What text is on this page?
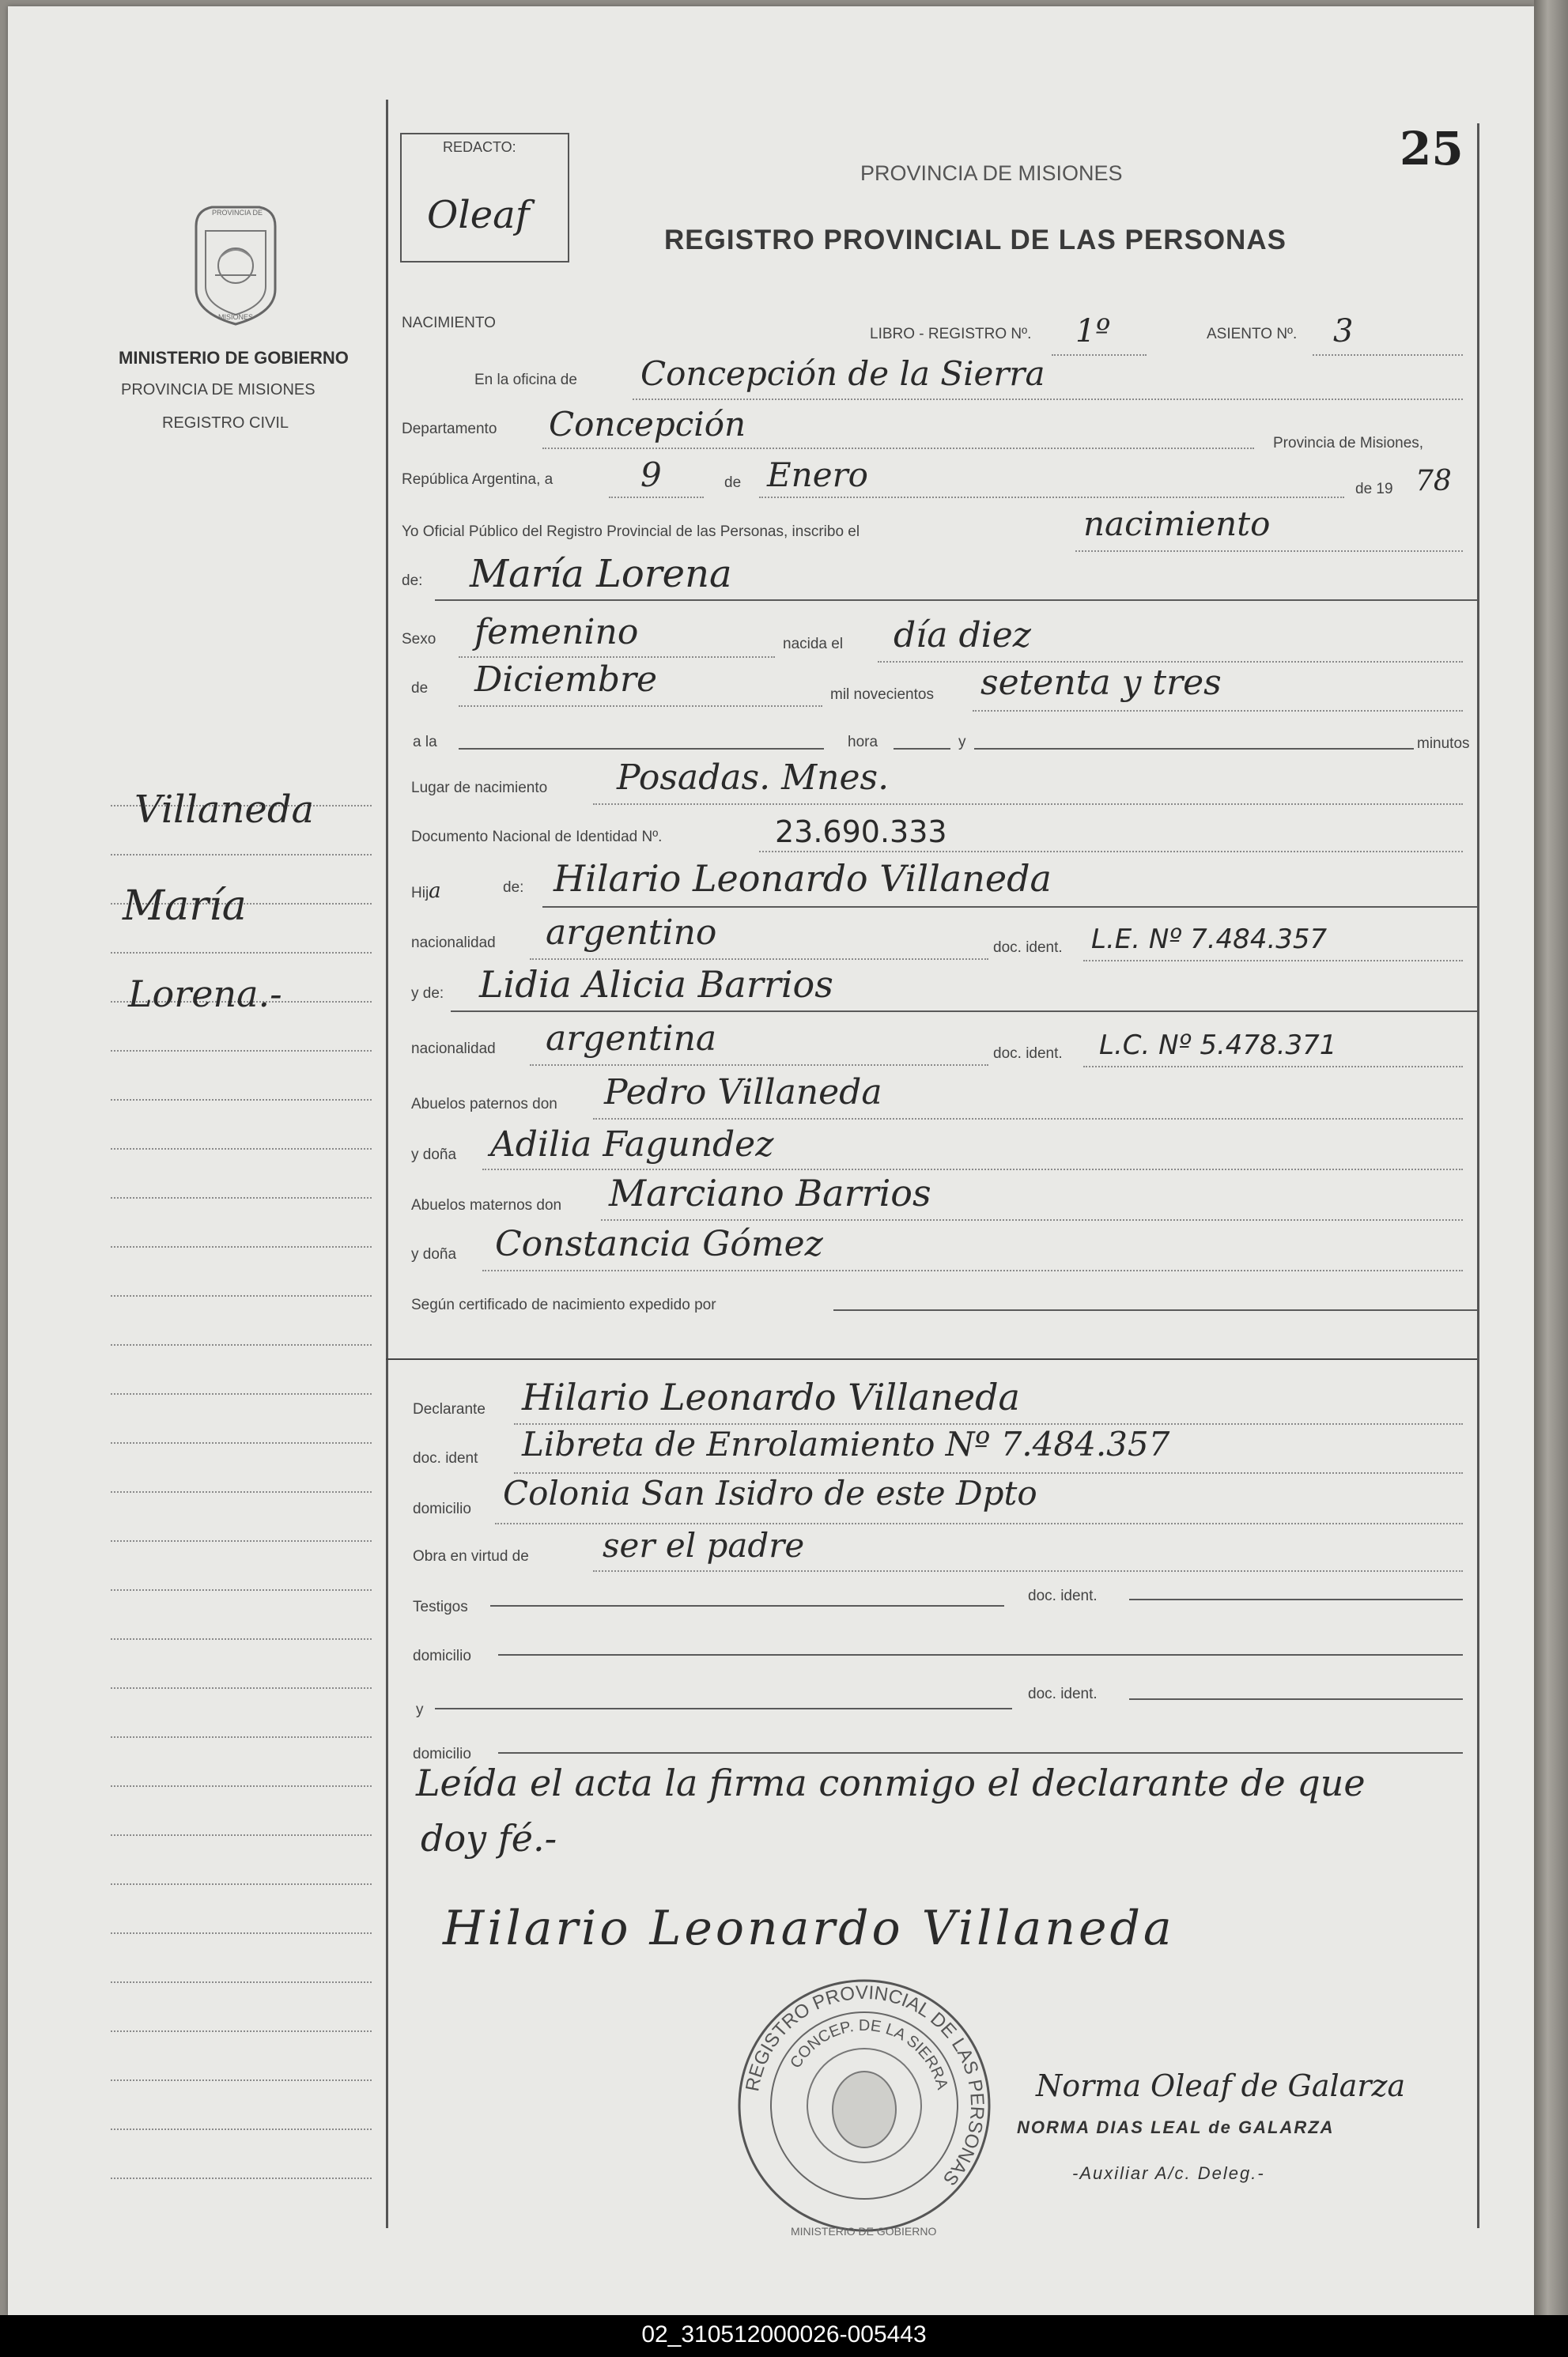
PROVINCIA DE
MISIONES
MINISTERIO DE GOBIERNO
PROVINCIA DE MISIONES
REGISTRO CIVIL
Villaneda
María
Lorena.-
REDACTO:
Oleaf
PROVINCIA DE MISIONES
REGISTRO PROVINCIAL DE LAS PERSONAS
25
NACIMIENTO
LIBRO - REGISTRO Nº. 1º	ASIENTO Nº. 3
En la oficina de Concepción de la Sierra
Departamento Concepción	Provincia de Misiones,
República Argentina, a	9	de Enero	de 19 78
Yo Oficial Público del Registro Provincial de las Personas, inscribo el	nacimiento
de: María Lorena
Sexo femenino	nacida el día diez
de Diciembre	mil novecientos setenta y tres
a la	hora	y	minutos
Lugar de nacimiento Posadas. Mnes.
Documento Nacional de Identidad Nº.	23.690.333
Hija	de: Hilario Leonardo Villaneda
nacionalidad argentino	doc. ident. L.E. Nº 7.484.357
y de: Lidia Alicia Barrios
nacionalidad argentina	doc. ident. L.C. Nº 5.478.371
Abuelos paternos don Pedro Villaneda
y doña Adilia Fagundez
Abuelos maternos don Marciano Barrios
y doña Constancia Gómez
Según certificado de nacimiento expedido por
Declarante Hilario Leonardo Villaneda
doc. ident Libreta de Enrolamiento Nº 7.484.357
domicilio Colonia San Isidro de este Dpto
Obra en virtud de ser el padre
Testigos
doc. ident.
domicilio
y
doc. ident.
domicilio
Leída el acta la firma conmigo el declarante de que
doy fé.-
Hilario Leonardo Villaneda
REGISTRO PROVINCIAL DE LAS PERSONAS
CONCEP. DE LA SIERRA
MINISTERIO DE GOBIERNO
Norma Oleaf de Galarza
NORMA DIAS LEAL de GALARZA
-Auxiliar A/c. Deleg.-
02_310512000026-005443
